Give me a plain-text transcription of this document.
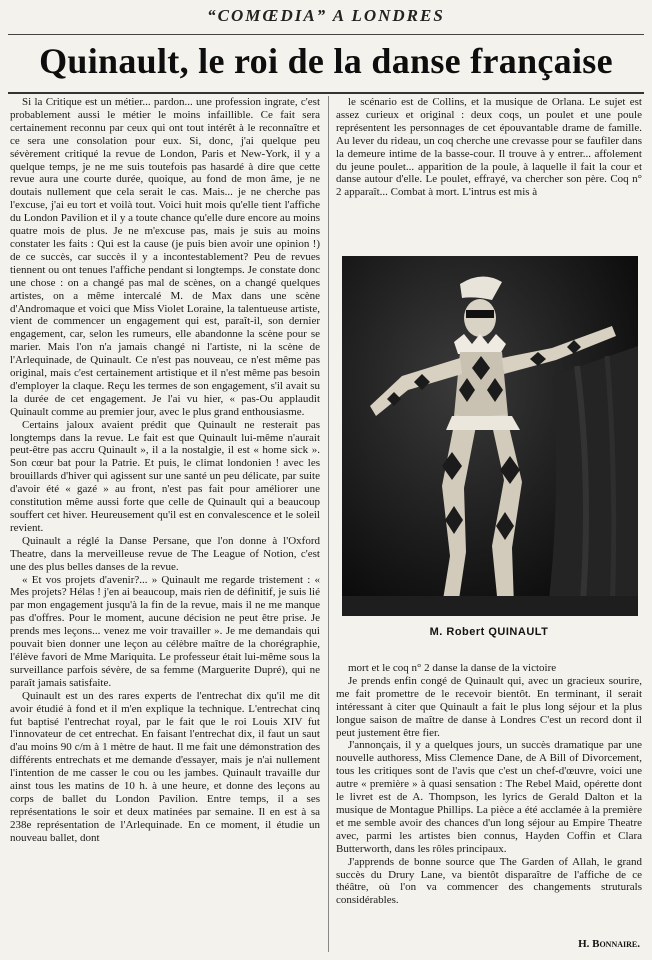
“COMŒDIA” A LONDRES
Quinault, le roi de la danse française

Si la Critique est un métier... pardon... une profession ingrate, c'est probablement aussi le métier le moins infaillible. Ce fait sera certainement reconnu par ceux qui ont tout intérêt à le reconnaître et ce sera une consolation pour eux. Si, donc, j'ai quelque peu sévèrement critiqué la revue de London, Paris et New-York, il y a quelque temps, je ne me suis toutefois pas hasardé à dire que cette revue aura une courte durée, quoique, au fond de mon âme, je ne doutais nullement que cela serait le cas. Mais... je ne cherche pas l'excuse, j'ai eu tort et voilà tout. Voici huit mois qu'elle tient l'affiche du London Pavilion et il y a toute chance qu'elle dure encore au moins quatre mois de plus. Je ne m'excuse pas, mais je suis au moins constater les faits : Qui est la cause (je puis bien avoir une opinion !) de ce succès, car succès il y a incontestablement? Peu de revues tiennent ou ont tenues l'affiche pendant si longtemps. Je constate donc une chose : on a changé pas mal de scènes, on a changé quelques artistes, on a même intercalé M. de Max dans une scène d'Andromaque et voici que Miss Violet Loraine, la talentueuse artiste, vient de commencer un engagement qui est, paraît-il, son dernier engagement, car, selon les rumeurs, elle abandonne la scène pour se marier. Mais l'on n'a jamais changé ni l'artiste, ni la scène de l'Arlequinade, de Quinault. Ce n'est pas nouveau, ce n'est même pas original, mais c'est certainement artistique et il n'est même pas besoin d'employer la claque. Reçu les termes de son engagement, s'il avait su la durée de cet engagement. Je l'ai vu hier, « pas-Ou applaudit Quinault comme au premier jour, avec le plus grand enthousiasme.

Certains jaloux avaient prédit que Quinault ne resterait pas longtemps dans la revue. Le fait est que Quinault lui-même n'aurait peut-être pas accru Quinault », il a la nostalgie, il est « home sick ». Son cœur bat pour la Patrie. Et puis, le climat londonien ! avec les brouillards d'hiver qui agissent sur une santé un peu délicate, par suite d'avoir été « gazé » au front, n'est pas fait pour améliorer une constitution même aussi forte que celle de Quinault qui a beaucoup souffert cet hiver. Heureusement qu'il est en convalescence et le soleil revient.

Quinault a réglé la Danse Persane, que l'on donne à l'Oxford Theatre, dans la merveilleuse revue de The League of Notion, c'est une des plus belles danses de la revue.

« Et vos projets d'avenir?... » Quinault me regarde tristement : « Mes projets? Hélas ! j'en ai beaucoup, mais rien de définitif, je suis lié par mon engagement jusqu'à la fin de la revue, mais il ne me manque pas d'offres. Pour le moment, aucune décision ne peut être prise. Je prends mes leçons... venez me voir travailler ». Je me demandais qui pouvait bien donner une leçon au célèbre maître de la chorégraphie, l'élève favori de Mme Mariquita. Le professeur était lui-même sous la surveillance parfois sévère, de sa femme (Marguerite Dupré), qui ne paraît jamais satisfaite.

Quinault est un des rares experts de l'entrechat dix qu'il me dit avoir étudié à fond et il m'en explique la technique. L'entrechat cinq fut baptisé l'entrechat royal, par le fait que le roi Louis XIV fut l'innovateur de cet entrechat. En faisant l'entrechat dix, il faut un saut d'au moins 90 c/m à 1 mètre de haut. Il me fait une démonstration des différents entrechats et me demande d'essayer, mais je n'ai nullement l'intention de me casser le cou ou les jambes. Quinault travaille dur ainst tous les matins de 10 h. à une heure, et donne des leçons au corps de ballet du London Pavilion. Entre temps, il a ses représentations le soir et deux matinées par semaine. Il en est à sa 238e représentation de l'Arlequinade. En ce moment, il étudie un nouveau ballet, dont

le scénario est de Collins, et la musique de Orlana. Le sujet est assez curieux et original : deux coqs, un poulet et une poule représentent les personnages de cet épouvantable drame de famille. Au lever du rideau, un coq cherche une crevasse pour se faufiler dans la demeure intime de la basse-cour. Il trouve à y entrer... affolement du jeune poulet... apparition de la poule, à laquelle il fait la cour et danse autour d'elle. Le poulet, effrayé, va chercher son père. Coq n° 2 apparaît... Combat à mort. L'intrus est mis à

M. Robert QUINAULT

mort et le coq n° 2 danse la danse de la victoire

Je prends enfin congé de Quinault qui, avec un gracieux sourire, me fait promettre de le recevoir bientôt. En terminant, il serait intéressant à citer que Quinault a fait le plus long séjour et la plus longue saison de maître de danse à Londres C'est un record dont il peut justement être fier.

J'annonçais, il y a quelques jours, un succès dramatique par une nouvelle authoress, Miss Clemence Dane, de A Bill of Divorcement, tous les critiques sont de l'avis que c'est un chef-d'œuvre, voici une autre « première » à quasi sensation : The Rebel Maid, opérette dont le livret est de A. Thompson, les lyrics de Gerald Dalton et la musique de Montague Phillips. La pièce a été acclamée à la première et me semble avoir des chances d'un long séjour au Empire Theatre avec, parmi les artistes bien connus, Hayden Coffin et Clara Butterworth, dans les rôles principaux.

J'apprends de bonne source que The Garden of Allah, le grand succès du Drury Lane, va bientôt disparaître de l'affiche de ce théâtre, où l'on va commencer des changements struturals considérables.

H. Bonnaire.
